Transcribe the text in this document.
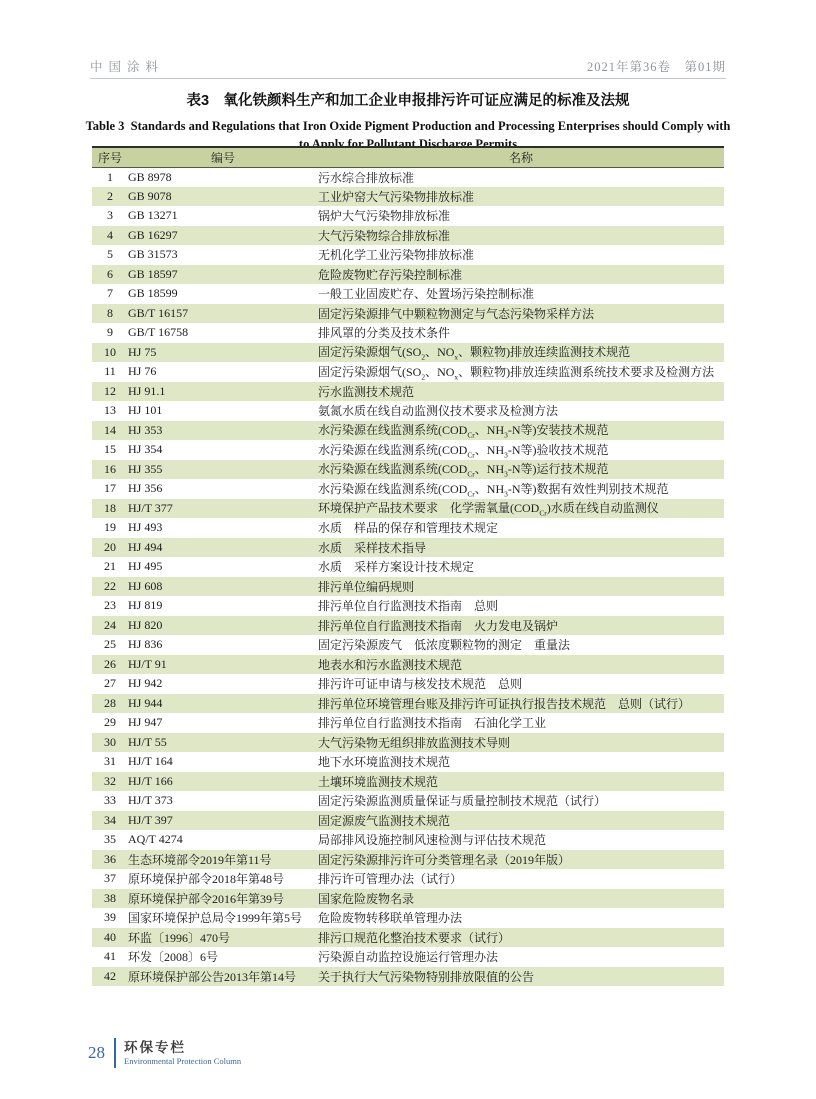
中国涂料	2021年第36卷　第01期
表3　氧化铁颜料生产和加工企业申报排污许可证应满足的标准及法规
Table 3  Standards and Regulations that Iron Oxide Pigment Production and Processing Enterprises should Comply with
to Apply for Pollutant Discharge Permits
序号	编号	名称
1	GB 8978	污水综合排放标准
2	GB 9078	工业炉窑大气污染物排放标准
3	GB 13271	锅炉大气污染物排放标准
4	GB 16297	大气污染物综合排放标准
5	GB 31573	无机化学工业污染物排放标准
6	GB 18597	危险废物贮存污染控制标准
7	GB 18599	一般工业固废贮存、处置场污染控制标准
8	GB/T 16157	固定污染源排气中颗粒物测定与气态污染物采样方法
9	GB/T 16758	排风罩的分类及技术条件
10	HJ 75	固定污染源烟气($SO_2$、$NO_x$、颗粒物)排放连续监测技术规范
11	HJ 76	固定污染源烟气($SO_2$、$NO_x$、颗粒物)排放连续监测系统技术要求及检测方法
12	HJ 91.1	污水监测技术规范
13	HJ 101	氨氮水质在线自动监测仪技术要求及检测方法
14	HJ 353	水污染源在线监测系统($COD_{Cr}$、$NH_3-N$等)安装技术规范
15	HJ 354	水污染源在线监测系统($COD_{Cr}$、$NH_3-N$等)验收技术规范
16	HJ 355	水污染源在线监测系统($COD_{Cr}$、$NH_3-N$等)运行技术规范
17	HJ 356	水污染源在线监测系统($COD_{Cr}$、$NH_3-N$等)数据有效性判别技术规范
18	HJ/T 377	环境保护产品技术要求　化学需氧量$(COD_{Cr})$水质在线自动监测仪
19	HJ 493	水质　样品的保存和管理技术规定
20	HJ 494	水质　采样技术指导
21	HJ 495	水质　采样方案设计技术规定
22	HJ 608	排污单位编码规则
23	HJ 819	排污单位自行监测技术指南　总则
24	HJ 820	排污单位自行监测技术指南　火力发电及锅炉
25	HJ 836	固定污染源废气　低浓度颗粒物的测定　重量法
26	HJ/T 91	地表水和污水监测技术规范
27	HJ 942	排污许可证申请与核发技术规范　总则
28	HJ 944	排污单位环境管理台账及排污许可证执行报告技术规范　总则（试行）
29	HJ 947	排污单位自行监测技术指南　石油化学工业
30	HJ/T 55	大气污染物无组织排放监测技术导则
31	HJ/T 164	地下水环境监测技术规范
32	HJ/T 166	土壤环境监测技术规范
33	HJ/T 373	固定污染源监测质量保证与质量控制技术规范（试行）
34	HJ/T 397	固定源废气监测技术规范
35	AQ/T 4274	局部排风设施控制风速检测与评估技术规范
36	生态环境部令2019年第11号	固定污染源排污许可分类管理名录（2019年版）
37	原环境保护部令2018年第48号	排污许可管理办法（试行）
38	原环境保护部令2016年第39号	国家危险废物名录
39	国家环境保护总局令1999年第5号	危险废物转移联单管理办法
40	环监〔1996〕470号	排污口规范化整治技术要求（试行）
41	环发〔2008〕6号	污染源自动监控设施运行管理办法
42	原环境保护部公告2013年第14号	关于执行大气污染物特别排放限值的公告
28 环保专栏
Environmental Protection Column
